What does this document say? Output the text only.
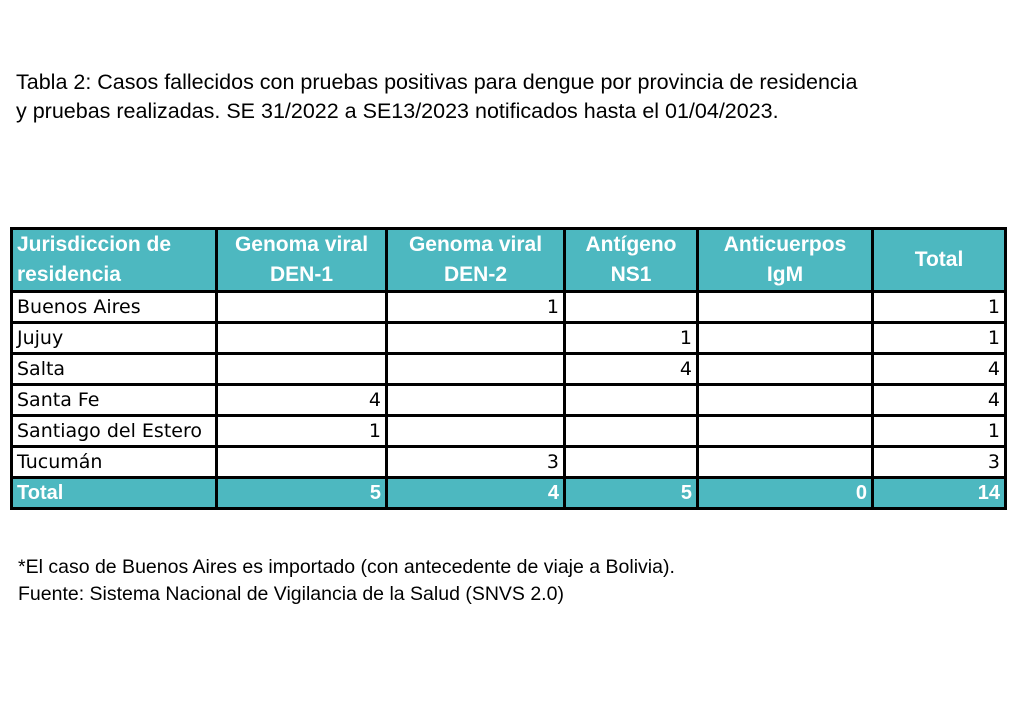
Tabla 2: Casos fallecidos con pruebas positivas para dengue por provincia de residencia
y pruebas realizadas. SE 31/2022 a SE13/2023 notificados hasta el 01/04/2023.
Jurisdiccion de residencia	Genoma viral DEN-1	Genoma viral DEN-2	Antígeno NS1	Anticuerpos IgM	Total
Buenos Aires		1			1
Jujuy			1		1
Salta			4		4
Santa Fe	4				4
Santiago del Estero	1				1
Tucumán		3			3
Total	5	4	5	0	14
*El caso de Buenos Aires es importado (con antecedente de viaje a Bolivia).
Fuente: Sistema Nacional de Vigilancia de la Salud (SNVS 2.0)
